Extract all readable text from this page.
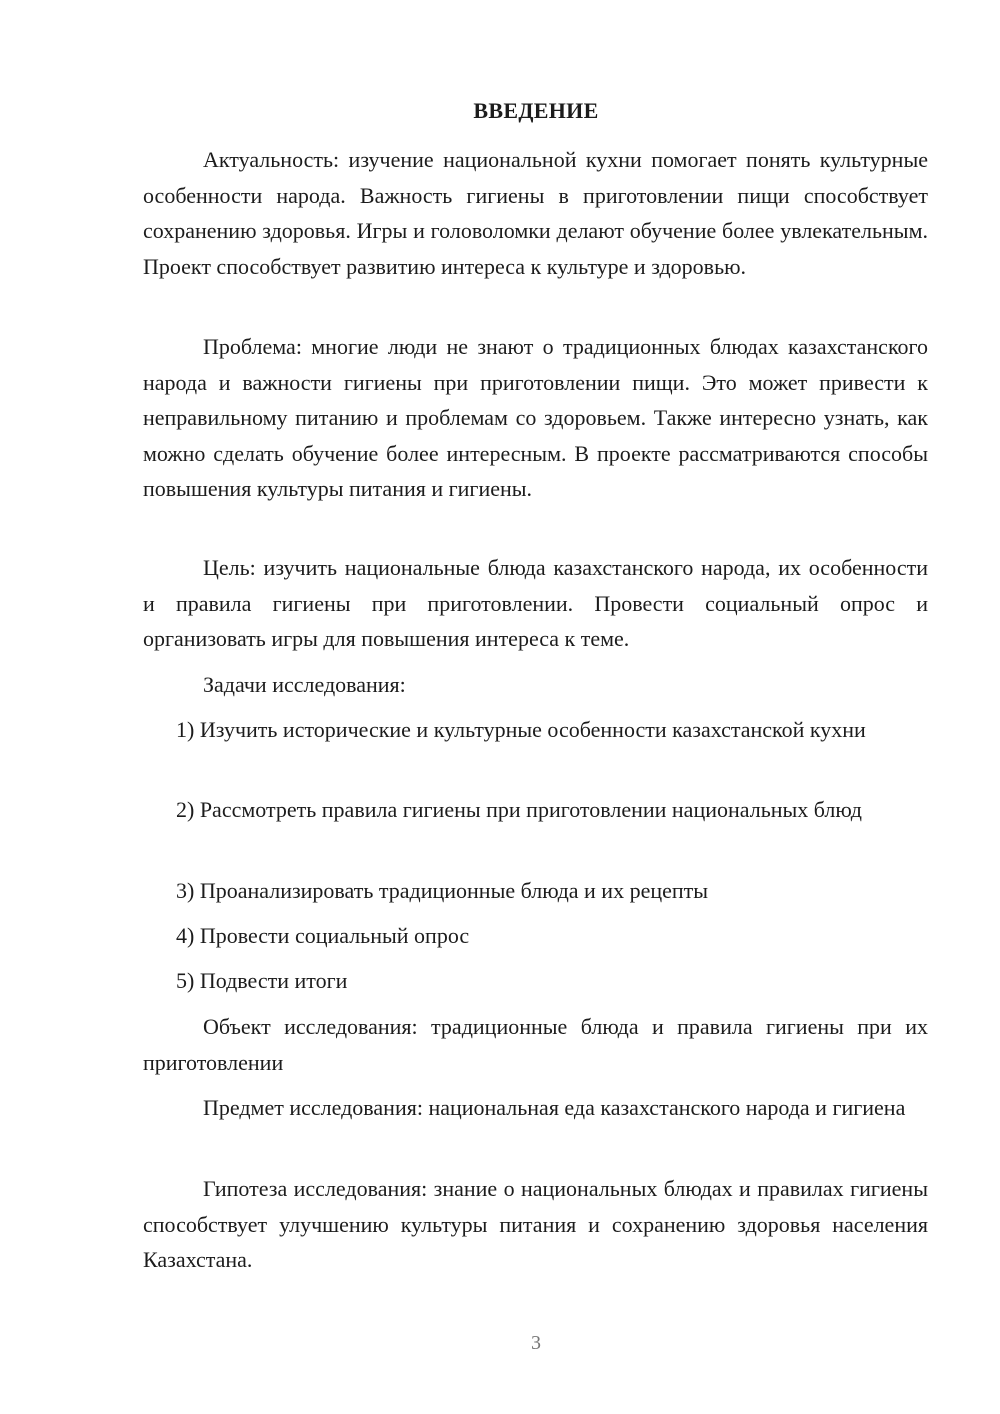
ВВЕДЕНИЕ

Актуальность: изучение национальной кухни помогает понять культурные особенности народа. Важность гигиены в приготовлении пищи способствует сохранению здоровья. Игры и головоломки делают обучение более увлекательным. Проект способствует развитию интереса к культуре и здоровью.

Проблема: многие люди не знают о традиционных блюдах казахстанского народа и важности гигиены при приготовлении пищи. Это может привести к неправильному питанию и проблемам со здоровьем. Также интересно узнать, как можно сделать обучение более интересным. В проекте рассматриваются способы повышения культуры питания и гигиены.

Цель: изучить национальные блюда казахстанского народа, их особенности и правила гигиены при приготовлении. Провести социальный опрос и организовать игры для повышения интереса к теме.

Задачи исследования:

1) Изучить исторические и культурные особенности казахстанской кухни

2) Рассмотреть правила гигиены при приготовлении национальных блюд

3) Проанализировать традиционные блюда и их рецепты

4) Провести социальный опрос

5) Подвести итоги

Объект исследования: традиционные блюда и правила гигиены при их приготовлении

Предмет исследования: национальная еда казахстанского народа и гигиена

Гипотеза исследования: знание о национальных блюдах и правилах гигиены способствует улучшению культуры питания и сохранению здоровья населения Казахстана.

3
